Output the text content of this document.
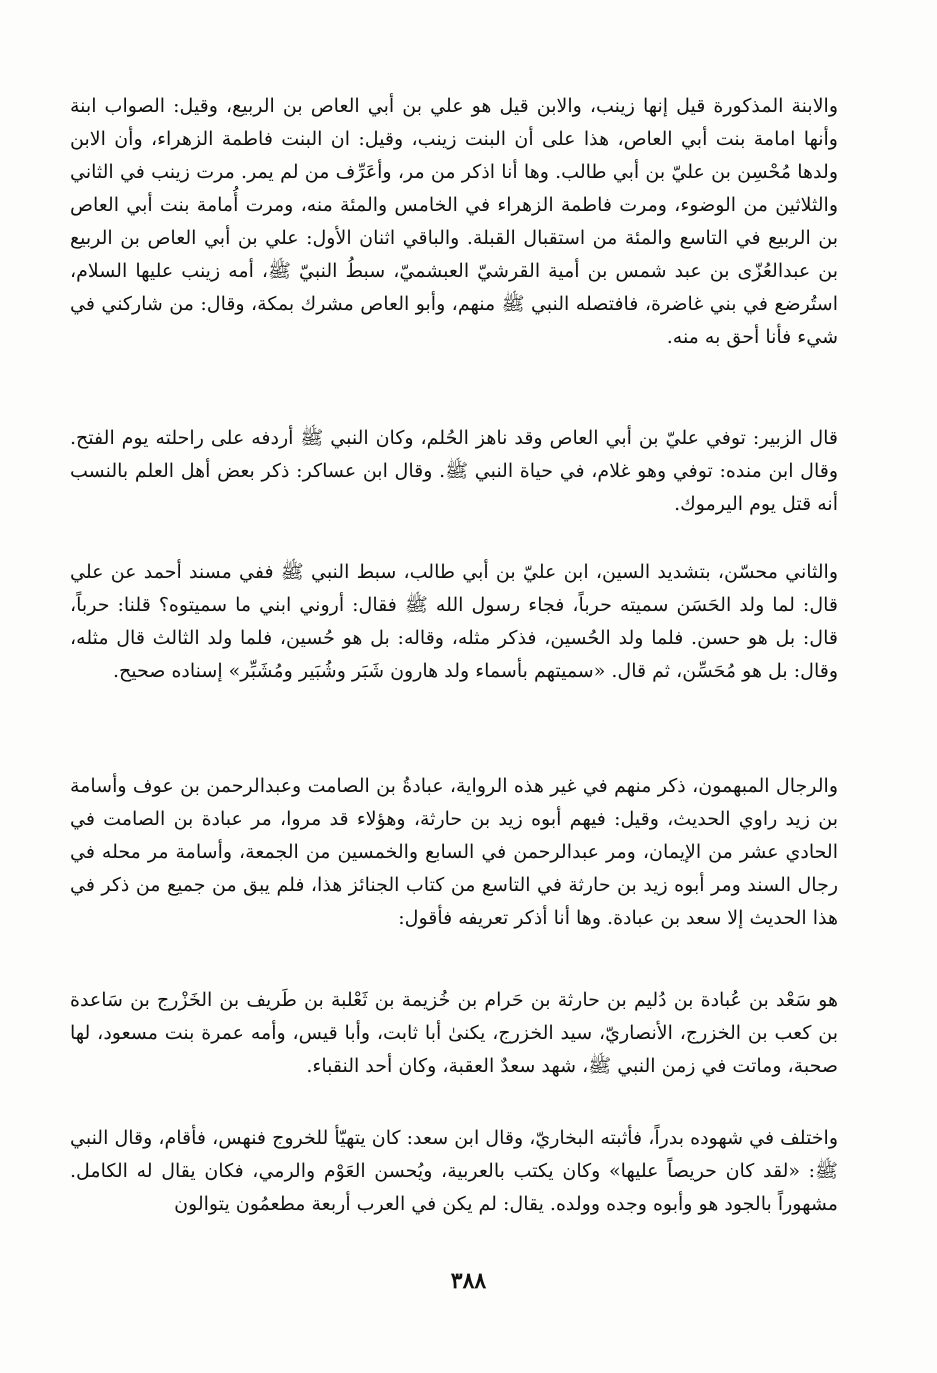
والابنة المذكورة قيل إنها زينب، والابن قيل هو علي بن أبي العاص بن الربيع، وقيل: الصواب ابنة وأنها امامة بنت أبي العاص، هذا على أن البنت زينب، وقيل: ان البنت فاطمة الزهراء، وأن الابن ولدها مُحْسِن بن عليّ بن أبي طالب. وها أنا اذكر من مر، وأعَرِّف من لم يمر. مرت زينب في الثاني والثلاثين من الوضوء، ومرت فاطمة الزهراء في الخامس والمئة منه، ومرت أُمامة بنت أبي العاص بن الربيع في التاسع والمئة من استقبال القبلة. والباقي اثنان الأول: علي بن أبي العاص بن الربيع بن عبدالعُزّى بن عبد شمس بن أمية القرشيّ العبشميّ، سبطُ النبيّ ﷺ، أمه زينب عليها السلام، استُرضع في بني غاضرة، فافتصله النبي ﷺ منهم، وأبو العاص مشرك بمكة، وقال: من شاركني في شيء فأنا أحق به منه.

قال الزبير: توفي عليّ بن أبي العاص وقد ناهز الحُلم، وكان النبي ﷺ أردفه على راحلته يوم الفتح. وقال ابن منده: توفي وهو غلام، في حياة النبي ﷺ. وقال ابن عساكر: ذكر بعض أهل العلم بالنسب أنه قتل يوم اليرموك.

والثاني محسّن، بتشديد السين، ابن عليّ بن أبي طالب، سبط النبي ﷺ ففي مسند أحمد عن علي قال: لما ولد الحَسَن سميته حرباً، فجاء رسول الله ﷺ فقال: أروني ابني ما سميتوه؟ قلنا: حرباً، قال: بل هو حسن. فلما ولد الحُسين، فذكر مثله، وقاله: بل هو حُسين، فلما ولد الثالث قال مثله، وقال: بل هو مُحَسِّن، ثم قال. «سميتهم بأسماء ولد هارون شَبَر وشُبَير ومُشَبِّر» إسناده صحيح.

والرجال المبهمون، ذكر منهم في غير هذه الرواية، عبادةُ بن الصامت وعبدالرحمن بن عوف وأسامة بن زيد راوي الحديث، وقيل: فيهم أبوه زيد بن حارثة، وهؤلاء قد مروا، مر عبادة بن الصامت في الحادي عشر من الإيمان، ومر عبدالرحمن في السابع والخمسين من الجمعة، وأسامة مر محله في رجال السند ومر أبوه زيد بن حارثة في التاسع من كتاب الجنائز هذا، فلم يبق من جميع من ذكر في هذا الحديث إلا سعد بن عبادة. وها أنا أذكر تعريفه فأقول:

هو سَعْد بن عُبادة بن دُليم بن حارثة بن حَرام بن خُزيمة بن ثَعْلبة بن طَريف بن الخَزْرج بن سَاعدة بن كعب بن الخزرج، الأنصاريّ، سيد الخزرج، يكنىٰ أبا ثابت، وأبا قيس، وأمه عمرة بنت مسعود، لها صحبة، وماتت في زمن النبي ﷺ، شهد سعدٌ العقبة، وكان أحد النقباء.

واختلف في شهوده بدراً، فأثبته البخاريّ، وقال ابن سعد: كان يتهيّأ للخروج فنهس، فأقام، وقال النبي ﷺ: «لقد كان حريصاً عليها» وكان يكتب بالعربية، ويُحسن العَوْم والرمي، فكان يقال له الكامل. مشهوراً بالجود هو وأبوه وجده وولده. يقال: لم يكن في العرب أربعة مطعمُون يتوالون

٣٨٨
